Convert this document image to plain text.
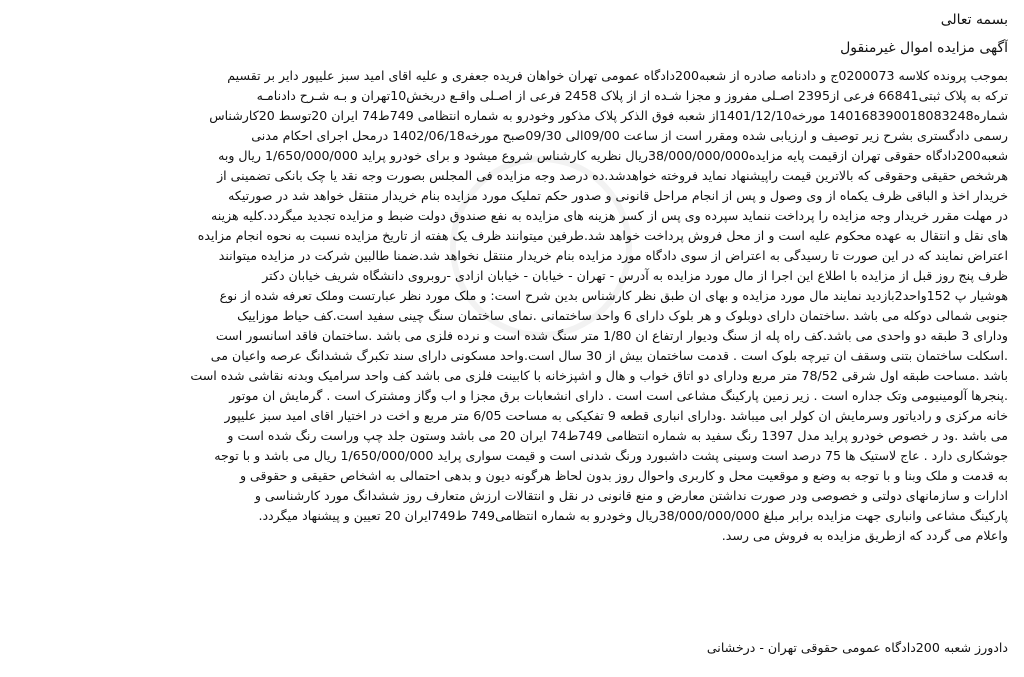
بسمه تعالی
آگهی مزایده اموال غیرمنقول
بموجب پرونده کلاسه 0200073ج و دادنامه صادره از شعبه200دادگاه عمومی تهران خواهان فریده جعفری و علیه اقای امید سبز علیپور دایر بر تقسیم
ترکه به پلاک ثبتی66841 فرعی از2395 اصـلی مفروز و مجزا شـده از از پلاک 2458 فرعی از اصـلی واقـع دربخش10تهران و بـه شـرح دادنامـه
شماره14016839001808324​8 مورخه1401/12/10از شعبه فوق الذکر پلاک مذکور وخودرو به شماره انتظامی 749ط74 ایران 20توسط 20کارشناس
رسمی دادگستری بشرح زیر توصیف و ارزیابی شده ومقرر است از ساعت 09/00الی 09/30صبح مورخه1402/06/18 درمحل اجرای احکام مدنی
شعبه200دادگاه حقوقی تهران ازقیمت پایه مزایده38/000/000/000ریال نظریه کارشناس شروع میشود و برای خودرو پراید 1/650/000/000 ریال وبه
هرشخص حقیقی وحقوقی که بالاترین قیمت راپیشنهاد نماید فروخته خواهدشد.ده درصد وجه مزایده فی المجلس بصورت وجه نقد یا چک بانکی تضمینی از
خریدار اخذ و الباقی ظرف یکماه از وی وصول و پس از انجام مراحل قانونی و صدور حکم تملیک مورد مزایده بنام خریدار منتقل خواهد شد در صورتیکه
در مهلت مقرر خریدار وجه مزایده را پرداخت ننماید سپرده وی پس از کسر هزینه های مزایده به نفع صندوق دولت ضبط و مزایده تجدید میگردد.کلیه هزینه
های نقل و انتقال به عهده محکوم علیه است و از محل فروش پرداخت خواهد شد.طرفین میتوانند ظرف یک هفته از تاریخ مزایده نسبت به نحوه انجام مزایده
اعتراض نمایند که در این صورت تا رسیدگی به اعتراض از سوی دادگاه مورد مزایده بنام خریدار منتقل نخواهد شد.ضمنا طالبین شرکت در مزایده میتوانند
ظرف پنج روز قبل از مزایده با اطلاع این اجرا از مال مورد مزایده به آدرس - تهران - خیابان - خیابان ازادی -روبروی دانشگاه شریف خیابان دکتر
هوشیار پ 152واحد2بازدید نمایند مال مورد مزایده و بهای ان طبق نظر کارشناس بدین شرح است: و ملک مورد نظر عبارتست وملک تعرفه شده از نوع
جنوبی شمالی دوکله می باشد .ساختمان دارای دوبلوک و هر بلوک دارای 6 واحد ساختمانی .نمای ساختمان سنگ چینی سفید است.کف حیاط موزاییک
ودارای 3 طبقه دو واحدی می باشد.کف راه پله از سنگ ودیوار ارتفاع ان 1/80 متر سنگ شده است و نرده فلزی می باشد .ساختمان فاقد اسانسور است
.اسکلت ساختمان بتنی وسقف ان تیرچه بلوک است . قدمت ساختمان بیش از 30 سال است.واحد مسکونی دارای سند تکبرگ ششدانگ عرصه واعیان می
باشد .مساحت طبقه اول شرقی 78/52 متر مربع ودارای دو اتاق خواب و هال و اشپزخانه با کابینت فلزی می باشد کف واحد سرامیک وبدنه نقاشی شده است
.پنجرها آلومینیومی وتک جداره است . زیر زمین پارکینگ مشاعی است است . دارای انشعابات برق مجزا و اب وگاز ومشترک است . گرمایش ان موتور
خانه مرکزی و رادیاتور وسرمایش ان کولر ابی میباشد .ودارای انباری قطعه 9 تفکیکی به مساحت 6/05 متر مربع و اخت در اختیار اقای امید سبز علیپور
می باشد .ود ر خصوص خودرو پراید مدل 1397 رنگ سفید به شماره انتظامی 749ط74 ایران 20 می باشد وستون جلد چپ وراست رنگ شده است و
جوشکاری دارد . عاج لاستیک ها 75 درصد است وسینی پشت داشبورد ورنگ شدنی است و قیمت سواری پراید 1/650/000/000 ریال می باشد و با توجه
به قدمت و ملک وبنا و با توجه به وضع و موقعیت محل و کاربری واحوال روز بدون لحاظ هرگونه دیون و بدهی احتمالی به اشخاص حقیقی و حقوقی و
ادارات و سازمانهای دولتی و خصوصی ودر صورت نداشتن معارض و منع قانونی در نقل و انتقالات ارزش متعارف روز ششدانگ مورد کارشناسی و
پارکینگ مشاعی وانباری جهت مزایده برابر مبلغ 38/000/000/000ریال وخودرو به شماره انتظامی749 ط749ایران 20 تعیین و پیشنهاد میگردد.
واعلام می گردد که ازطریق مزایده به فروش می رسد.
دادورز شعبه 200دادگاه عمومی حقوقی تهران - درخشانی
